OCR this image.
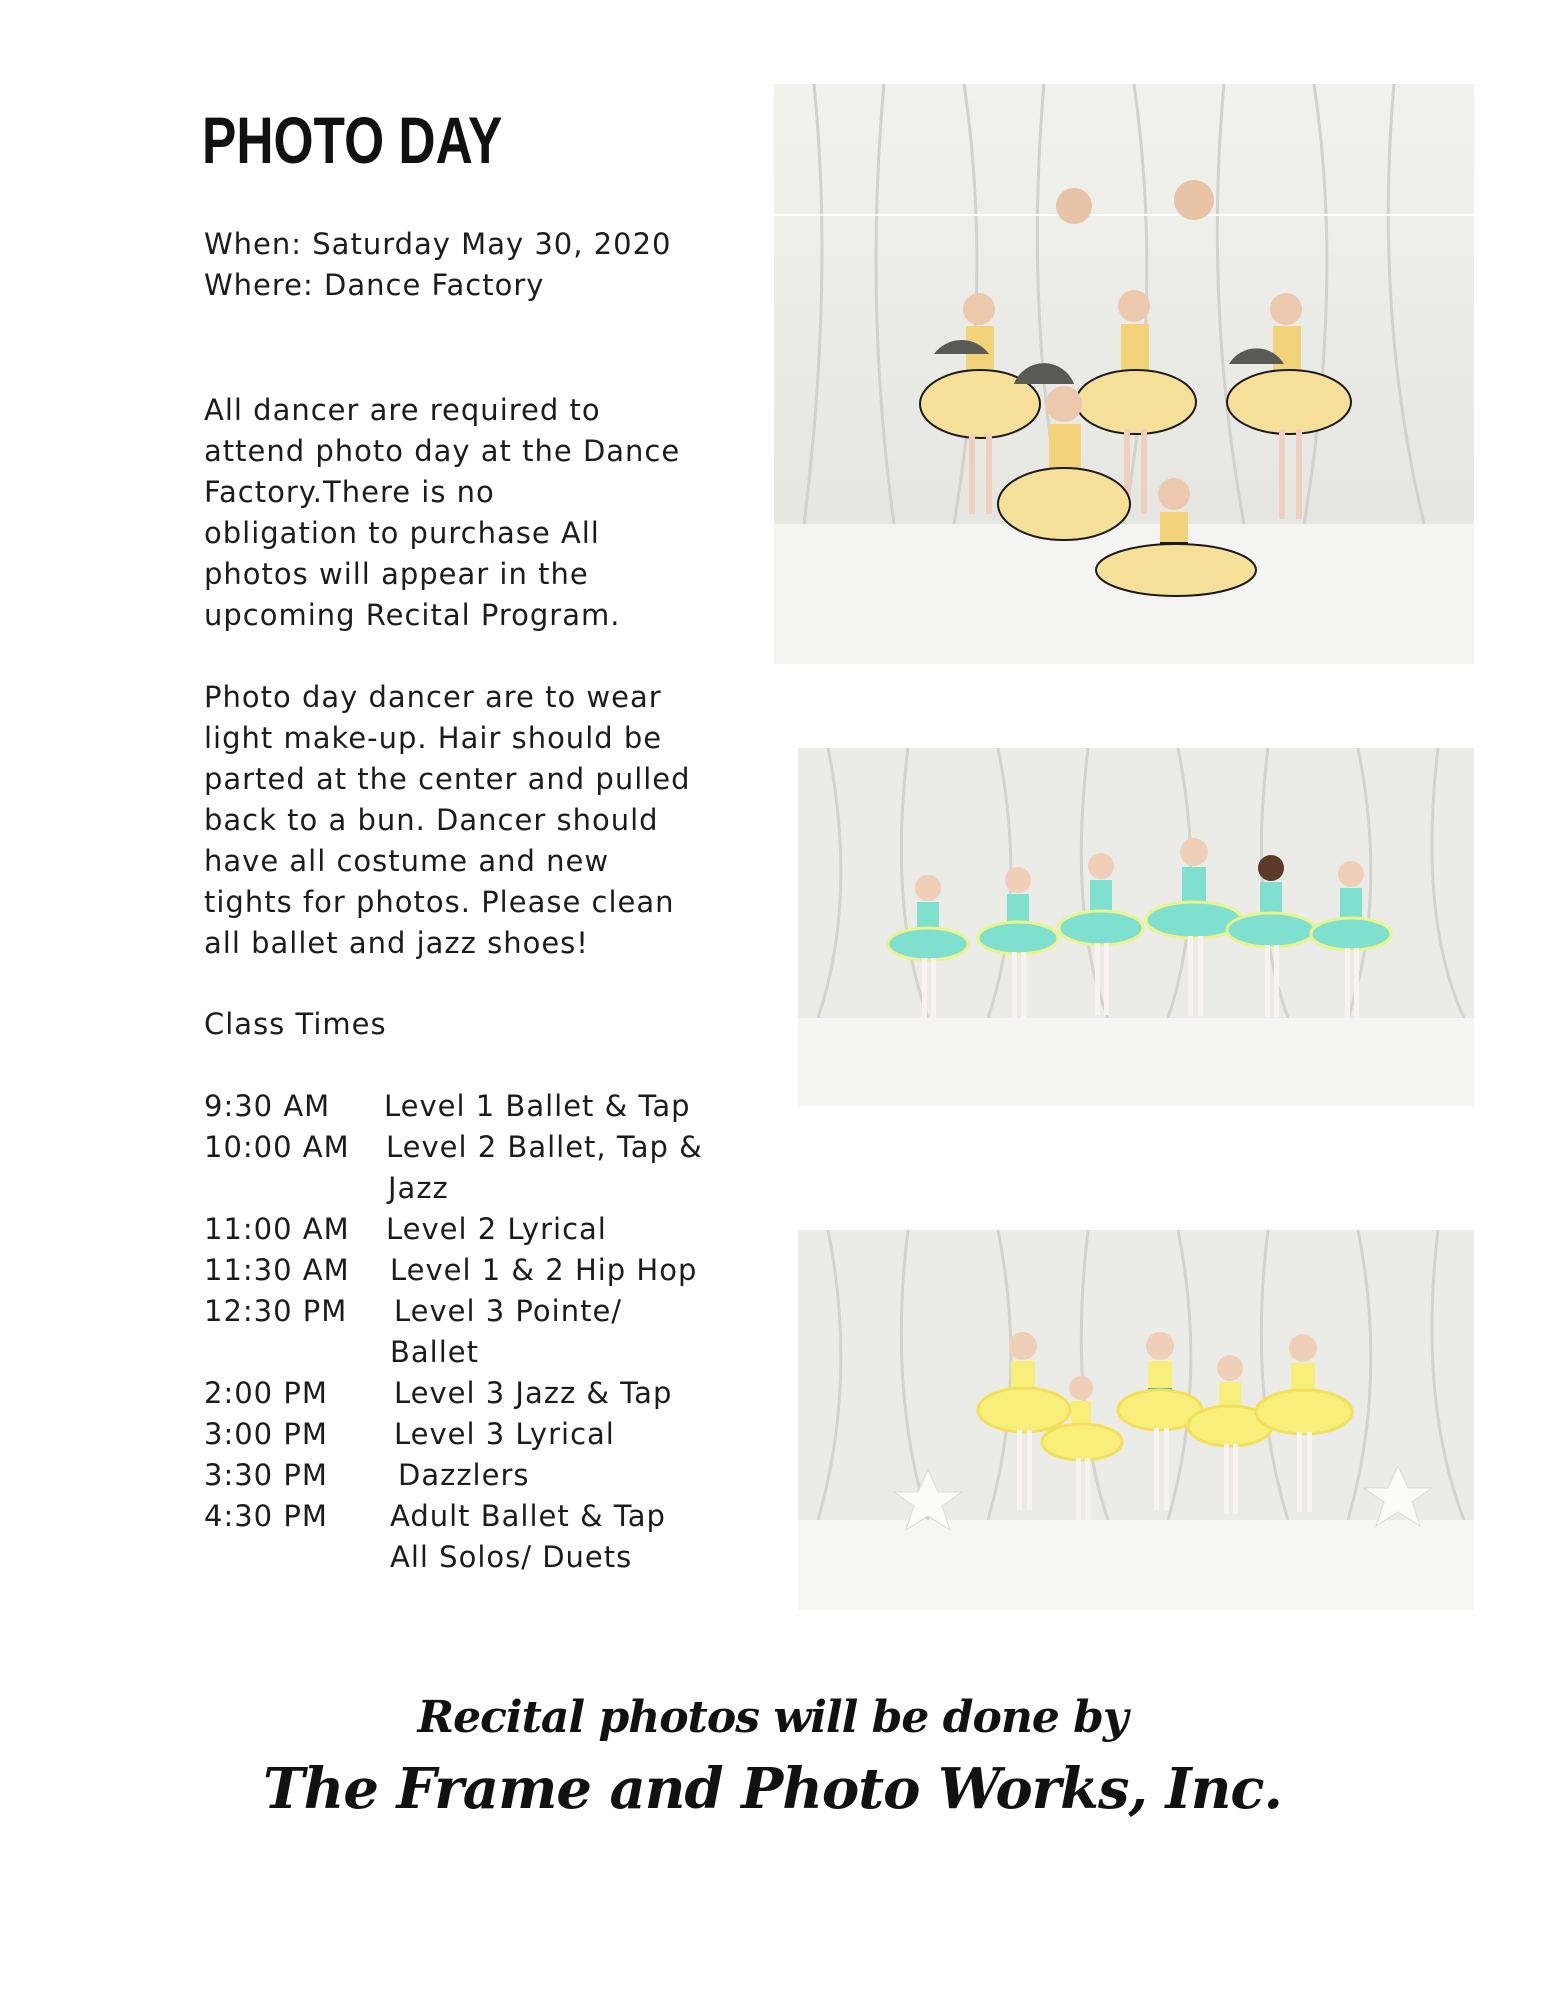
PHOTO DAY
When: Saturday May 30, 2020
Where: Dance Factory
All dancer are required to
attend photo day at the Dance
Factory.There is no
obligation to purchase All
photos will appear in the
upcoming Recital Program.
Photo day dancer are to wear
light make-up. Hair should be
parted at the center and pulled
back to a bun. Dancer should
have all costume and new
tights for photos. Please clean
all ballet and jazz shoes!
Class Times
9:30 AM Level 1 Ballet & Tap
10:00 AM Level 2 Ballet, Tap &
Jazz
11:00 AM Level 2 Lyrical
11:30 AM Level 1 & 2 Hip Hop
12:30 PM Level 3 Pointe/
Ballet
2:00 PM Level 3 Jazz & Tap
3:00 PM Level 3 Lyrical
3:30 PM Dazzlers
4:30 PM Adult Ballet & Tap
All Solos/ Duets
Recital photos will be done by
The Frame and Photo Works, Inc.
